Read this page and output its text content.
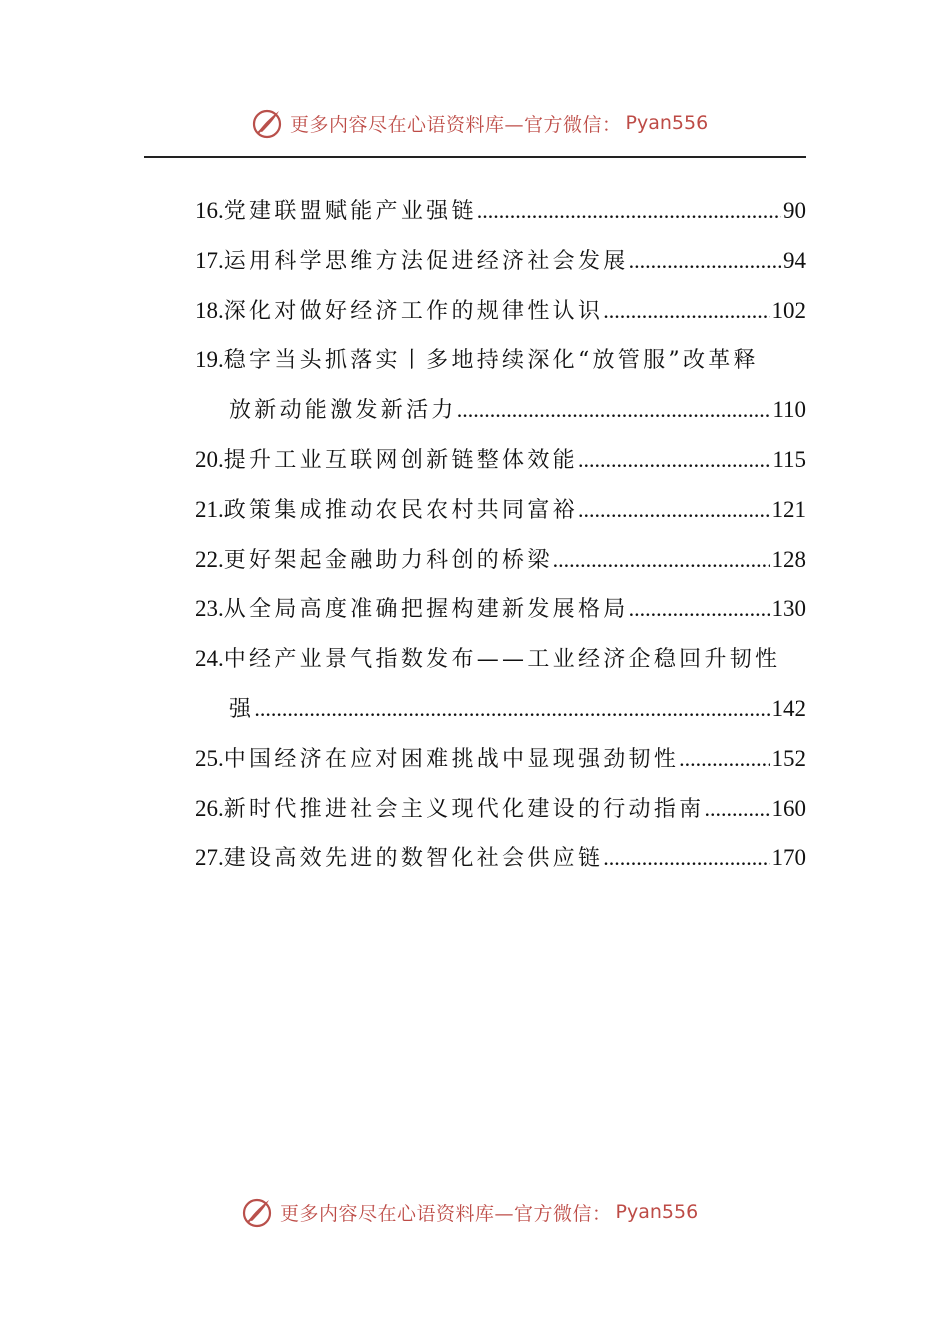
更多内容尽在心语资料库—官方微信： Pyan556
16. 党建联盟赋能产业强链 .....	90
17. 运用科学思维方法促进经济社会发展 .....	94
18. 深化对做好经济工作的规律性认识 .....	102
19. 稳字当头抓落实丨多地持续深化“放管服”改革释
放新动能激发新活力 .....	110
20. 提升工业互联网创新链整体效能 .....	115
21. 政策集成推动农民农村共同富裕 .....	121
22. 更好架起金融助力科创的桥梁 .....	128
23. 从全局高度准确把握构建新发展格局 .....	130
24. 中经产业景气指数发布——工业经济企稳回升韧性
强 .....	142
25. 中国经济在应对困难挑战中显现强劲韧性 .....	152
26. 新时代推进社会主义现代化建设的行动指南 .....	160
27. 建设高效先进的数智化社会供应链 .....	170
更多内容尽在心语资料库—官方微信： Pyan556
